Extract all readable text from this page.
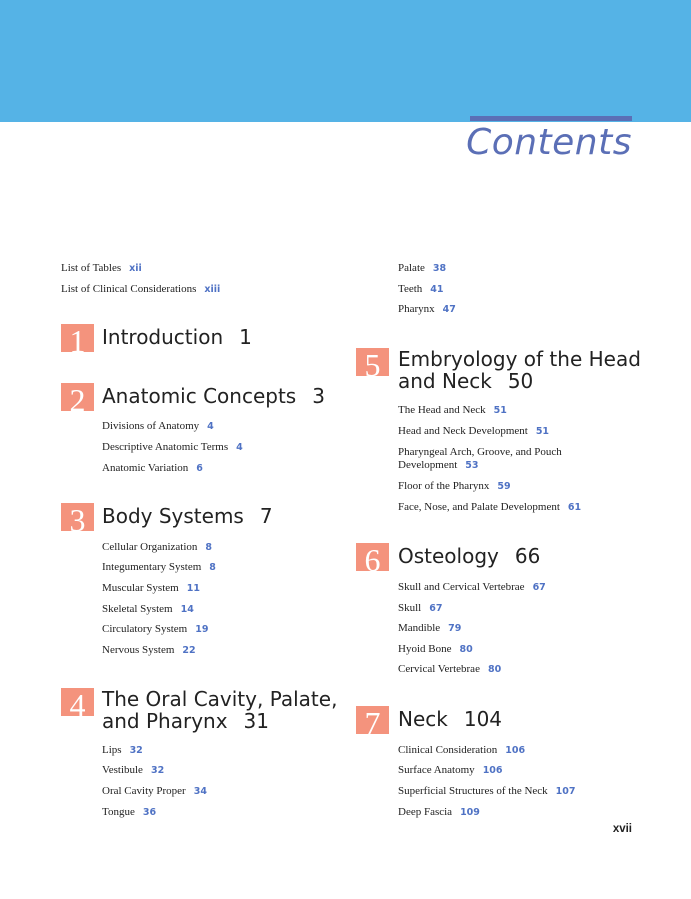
Contents
List of Tables xii
List of Clinical Considerations xiii
1 Introduction 1
2 Anatomic Concepts 3
Divisions of Anatomy 4
Descriptive Anatomic Terms 4
Anatomic Variation 6
3 Body Systems 7
Cellular Organization 8
Integumentary System 8
Muscular System 11
Skeletal System 14
Circulatory System 19
Nervous System 22
4 The Oral Cavity, Palate,
and Pharynx 31
Lips 32
Vestibule 32
Oral Cavity Proper 34
Tongue 36
Palate 38
Teeth 41
Pharynx 47
5 Embryology of the Head
and Neck 50
The Head and Neck 51
Head and Neck Development 51
Pharyngeal Arch, Groove, and Pouch
Development 53
Floor of the Pharynx 59
Face, Nose, and Palate Development 61
6 Osteology 66
Skull and Cervical Vertebrae 67
Skull 67
Mandible 79
Hyoid Bone 80
Cervical Vertebrae 80
7 Neck 104
Clinical Consideration 106
Surface Anatomy 106
Superficial Structures of the Neck 107
Deep Fascia 109
xvii
